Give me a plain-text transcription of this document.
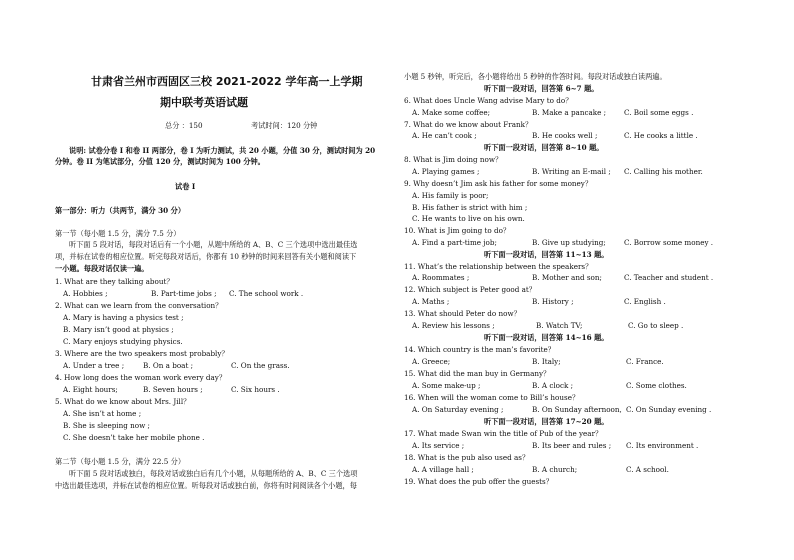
甘肃省兰州市西固区三校 2021-2022 学年高一上学期
期中联考英语试题
总分 ：150	考试时间：120 分钟
说明: 试卷分卷 I 和卷 II 两部分，卷 I 为听力测试，共 20 小题，分值 30 分，测试时间为 20
分钟。卷 II 为笔试部分，分值 120 分，测试时间为 100 分钟。
试卷 I
第一部分：听力（共两节，满分 30 分）
第一节（每小题 1.5 分，满分 7.5 分）
听下面 5 段对话，每段对话后有一个小题，从题中所给的 A、B、C 三个选项中选出最佳选
项，并标在试卷的相应位置。听完每段对话后，你都有 10 秒钟的时间来回答有关小题和阅读下
一小题。每段对话仅读一遍。
1. What are they talking about？
A. Hobbies ;	B. Part-time jobs ; C. The school work .
2. What can we learn from the conversation？
A. Mary is having a physics test ;
B. Mary isn’t good at physics ;
C. Mary enjoys studying physics.
3. Where are the two speakers most probably？
A. Under a tree ;	B. On a boat ;	C. On the grass.
4. How long does the woman work every day？
A. Eight hours;	B. Seven hours ;	C. Six hours .
5. What do we know about Mrs. Jill？
A. She isn’t at home ;
B. She is sleeping now ;
C. She doesn’t take her mobile phone .
第二节（每小题 1.5 分，满分 22.5 分）
听下面 5 段对话或独白，每段对话或独白后有几个小题，从每题所给的 A、B、C 三个选项
中选出最佳选项，并标在试卷的相应位置。听每段对话或独白前，你将有时间阅读各个小题，每
小题 5 秒钟，听完后，各小题将给出 5 秒钟的作答时间。每段对话或独白读两遍。
听下面一段对话，回答第 6~7 题。
6. What does Uncle Wang advise Mary to do？
A. Make some coffee;	B. Make a pancake ; C. Boil some eggs .
7. What do we know about Frank？
A. He can’t cook ;	B. He cooks well ;	C. He cooks a little .
听下面一段对话，回答第 8~10 题。
8. What is Jim doing now？
A. Playing games ;	B. Writing an E-mail ; C. Calling his mother.
9. Why doesn’t Jim ask his father for some money？
A. His family is poor;
B. His father is strict with him ;
C. He wants to live on his own.
10. What is Jim going to do？
A. Find a part-time job;	B. Give up studying;	C. Borrow some money .
听下面一段对话，回答第 11~13 题。
11. What’s the relationship between the speakers？
A. Roommates ;	B. Mother and son;	C. Teacher and student .
12. Which subject is Peter good at？
A. Maths ;	B. History ;	C. English .
13. What should Peter do now？
A. Review his lessons ;	B. Watch TV;	C. Go to sleep .
听下面一段对话，回答第 14~16 题。
14. Which country is the man’s favorite？
A. Greece;	B. Italy;	C. France.
15. What did the man buy in Germany？
A. Some make-up ;	B. A clock ;	C. Some clothes.
16. When will the woman come to Bill’s house？
A. On Saturday evening ;	B. On Sunday afternoon, C. On Sunday evening .
听下面一段对话，回答第 17~20 题。
17. What made Swan win the title of Pub of the year？
A. Its service ;	B. Its beer and rules ; C. Its environment .
18. What is the pub also used as？
A. A village hall ;	B. A church;	C. A school.
19. What does the pub offer the guests？
